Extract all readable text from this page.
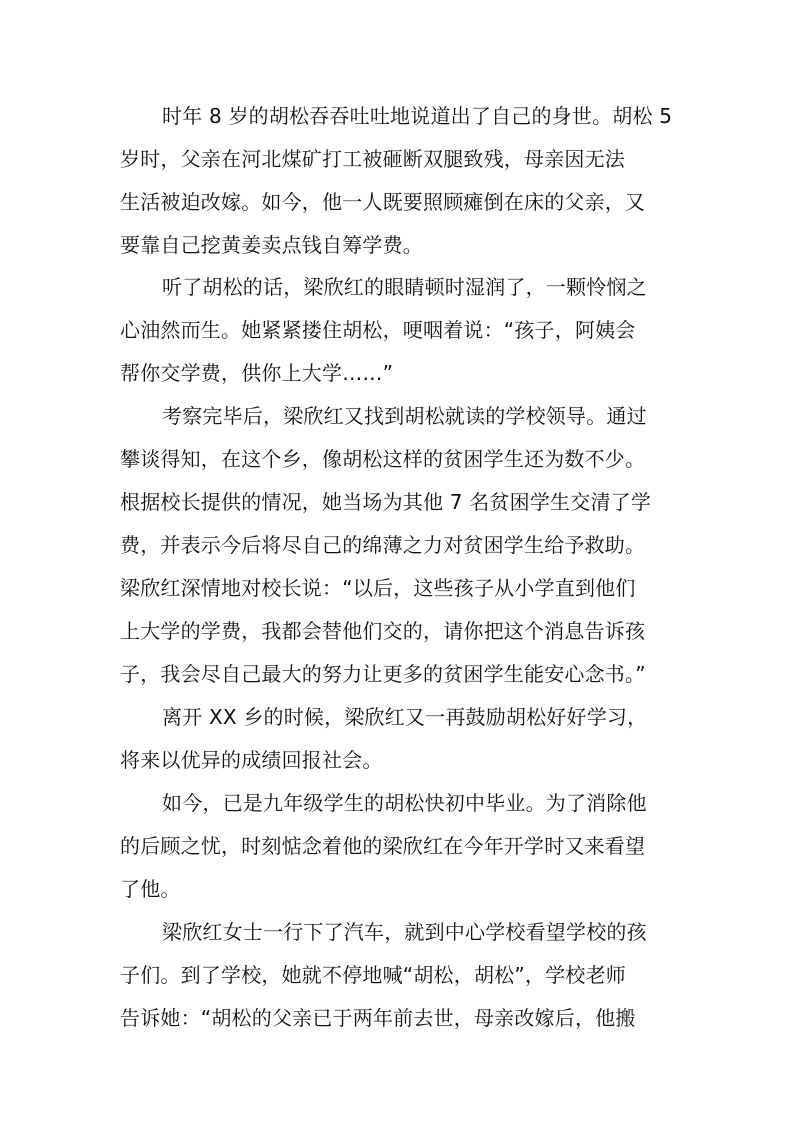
时年 8 岁的胡松吞吞吐吐地说道出了自己的身世。胡松 5
岁时，父亲在河北煤矿打工被砸断双腿致残，母亲因无法
生活被迫改嫁。如今，他一人既要照顾瘫倒在床的父亲，又
要靠自己挖黄姜卖点钱自筹学费。
听了胡松的话，梁欣红的眼睛顿时湿润了，一颗怜悯之
心油然而生。她紧紧搂住胡松，哽咽着说：“孩子，阿姨会
帮你交学费，供你上大学……”
考察完毕后，梁欣红又找到胡松就读的学校领导。通过
攀谈得知，在这个乡，像胡松这样的贫困学生还为数不少。
根据校长提供的情况，她当场为其他 7 名贫困学生交清了学
费，并表示今后将尽自己的绵薄之力对贫困学生给予救助。
梁欣红深情地对校长说：“以后，这些孩子从小学直到他们
上大学的学费，我都会替他们交的，请你把这个消息告诉孩
子，我会尽自己最大的努力让更多的贫困学生能安心念书。”
离开 XX 乡的时候，梁欣红又一再鼓励胡松好好学习，
将来以优异的成绩回报社会。
如今，已是九年级学生的胡松快初中毕业。为了消除他
的后顾之忧，时刻惦念着他的梁欣红在今年开学时又来看望
了他。
梁欣红女士一行下了汽车，就到中心学校看望学校的孩
子们。到了学校，她就不停地喊“胡松，胡松”，学校老师
告诉她：“胡松的父亲已于两年前去世，母亲改嫁后，他搬
